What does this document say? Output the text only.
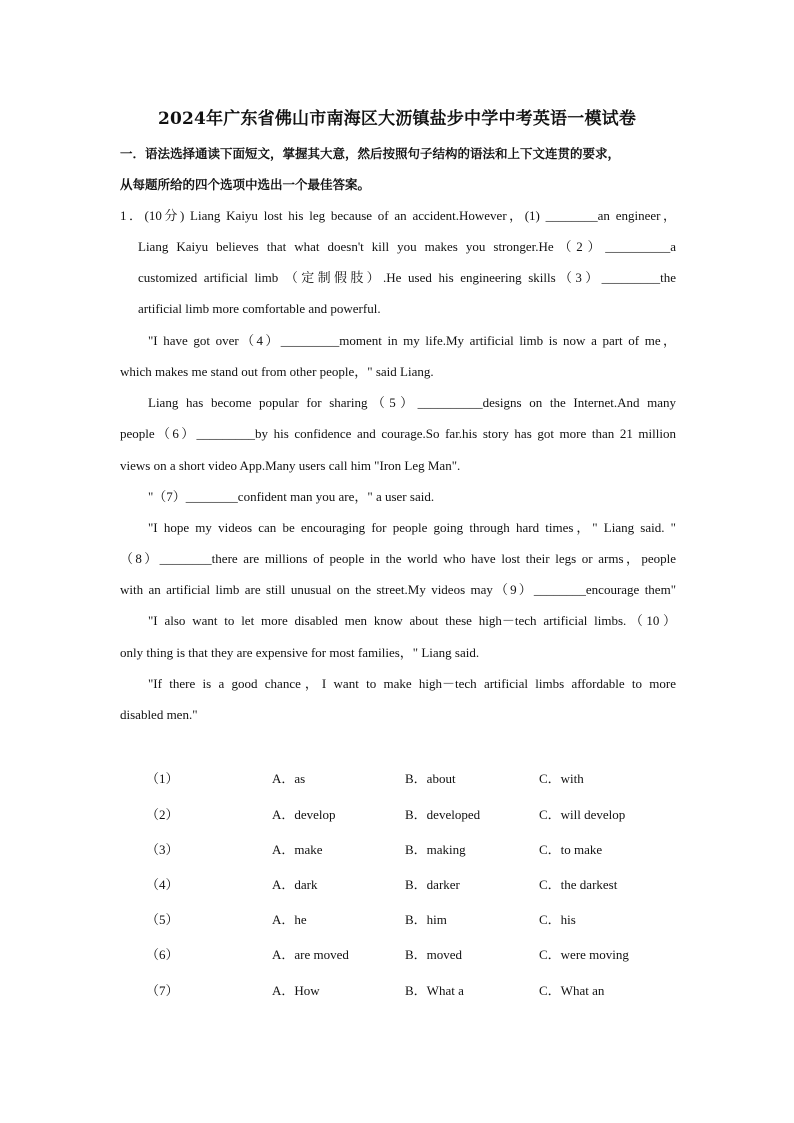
2024年广东省佛山市南海区大沥镇盐步中学中考英语一模试卷
一．语法选择通读下面短文，掌握其大意，然后按照句子结构的语法和上下文连贯的要求，
从每题所给的四个选项中选出一个最佳答案。
1．(10分) Liang Kaiyu lost his leg because of an accident.However，(1) ________an engineer，
Liang Kaiyu believes that what doesn't kill you makes you stronger.He（2）__________a
customized artificial limb （定制假肢）.He used his engineering skills（3）_________the
artificial limb more comfortable and powerful.
"I have got over（4）_________moment in my life.My artificial limb is now a part of me，
which makes me stand out from other people，" said Liang.
Liang has become popular for sharing（5）__________designs on the Internet.And many
people（6）_________by his confidence and courage.So far.his story has got more than 21 million
views on a short video App.Many users call him "Iron Leg Man".
"（7）________confident man you are，" a user said.
"I hope my videos can be encouraging for people going through hard times，" Liang said. "
（8）________there are millions of people in the world who have lost their legs or arms，people
with an artificial limb are still unusual on the street.My videos may（9）________encourage them"
"I also want to let more disabled men know about these high－tech artificial limbs.（10）
only thing is that they are expensive for most families，" Liang said.
"If there is a good chance，I want to make high－tech artificial limbs affordable to more
disabled men."
（1）	A．as	B．about	C．with
（2）	A．develop	B．developed	C．will develop
（3）	A．make	B．making	C．to make
（4）	A．dark	B．darker	C．the darkest
（5）	A．he	B．him	C．his
（6）	A．are moved	B．moved	C．were moving
（7）	A．How	B．What a	C．What an
